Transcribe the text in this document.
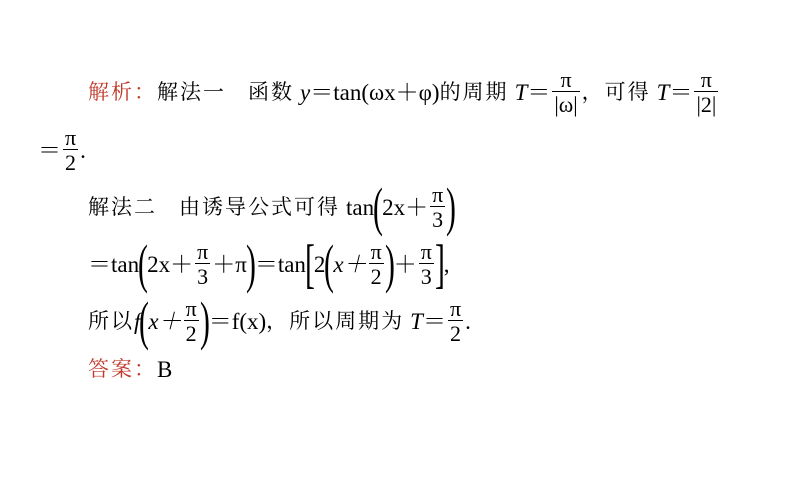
解析： 解法一 函数 y ＝ tan(ωx＋φ) 的周期 $T = \frac{\pi}{|\omega|}$ ，可得 $T = \frac{\pi}{|2|}$
＝ $\frac{\pi}{2}$ .
解法二 由诱导公式可得 tan ( $2x+ \frac{\pi}{3}$ )
＝tan ( $2x+ \frac{\pi}{3} +\pi$ ) ＝tan [ 2 ( $x+ \frac{\pi}{2}$ ) ＋ $\frac{\pi}{3}$ ] ,
所以 f ( $x+ \frac{\pi}{2}$ ) ＝f(x) ，所以周期为 $T = \frac{\pi}{2}$ .
答案： B
